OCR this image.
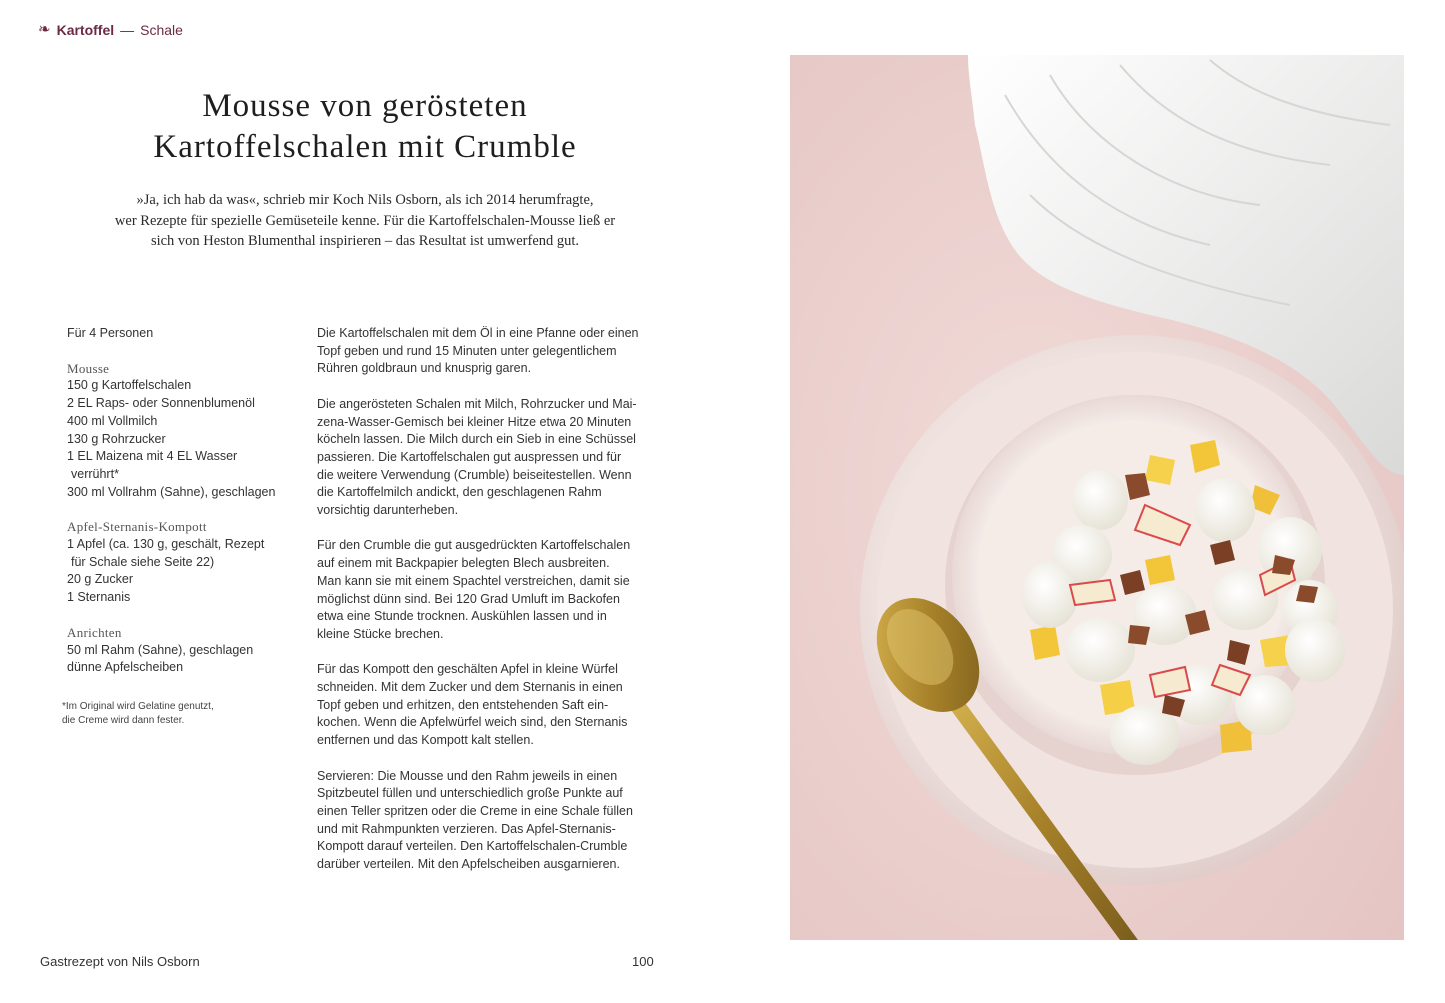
❧ Kartoffel — Schale
Mousse von gerösteten
Kartoffelschalen mit Crumble

»Ja, ich hab da was«, schrieb mir Koch Nils Osborn, als ich 2014 herumfragte,
wer Rezepte für spezielle Gemüseteile kenne. Für die Kartoffelschalen-Mousse ließ er
sich von Heston Blumenthal inspirieren – das Resultat ist umwerfend gut.

Für 4 Personen

Mousse

150 g Kartoffelschalen
2 EL Raps- oder Sonnenblumenöl
400 ml Vollmilch
130 g Rohrzucker
1 EL Maizena mit 4 EL Wasser
verrührt*
300 ml Vollrahm (Sahne), geschlagen

Apfel-Sternanis-Kompott

1 Apfel (ca. 130 g, geschält, Rezept
für Schale siehe Seite 22)
20 g Zucker
1 Sternanis

Anrichten

50 ml Rahm (Sahne), geschlagen
dünne Apfelscheiben
*Im Original wird Gelatine genutzt,
die Creme wird dann fester.

Die Kartoffelschalen mit dem Öl in eine Pfanne oder einen
Topf geben und rund 15 Minuten unter gelegentlichem
Rühren goldbraun und knusprig garen.

Die angerösteten Schalen mit Milch, Rohrzucker und Mai-
zena-Wasser-Gemisch bei kleiner Hitze etwa 20 Minuten
köcheln lassen. Die Milch durch ein Sieb in eine Schüssel
passieren. Die Kartoffelschalen gut auspressen und für
die weitere Verwendung (Crumble) beiseitestellen. Wenn
die Kartoffelmilch andickt, den geschlagenen Rahm
vorsichtig darunterheben.

Für den Crumble die gut ausgedrückten Kartoffelschalen
auf einem mit Backpapier belegten Blech ausbreiten.
Man kann sie mit einem Spachtel verstreichen, damit sie
möglichst dünn sind. Bei 120 Grad Umluft im Backofen
etwa eine Stunde trocknen. Auskühlen lassen und in
kleine Stücke brechen.

Für das Kompott den geschälten Apfel in kleine Würfel
schneiden. Mit dem Zucker und dem Sternanis in einen
Topf geben und erhitzen, den entstehenden Saft ein-
kochen. Wenn die Apfelwürfel weich sind, den Sternanis
entfernen und das Kompott kalt stellen.

Servieren: Die Mousse und den Rahm jeweils in einen
Spitzbeutel füllen und unterschiedlich große Punkte auf
einen Teller spritzen oder die Creme in eine Schale füllen
und mit Rahmpunkten verzieren. Das Apfel-Sternanis-
Kompott darauf verteilen. Den Kartoffelschalen-Crumble
darüber verteilen. Mit den Apfelscheiben ausgarnieren.

Gastrezept von Nils Osborn	100
